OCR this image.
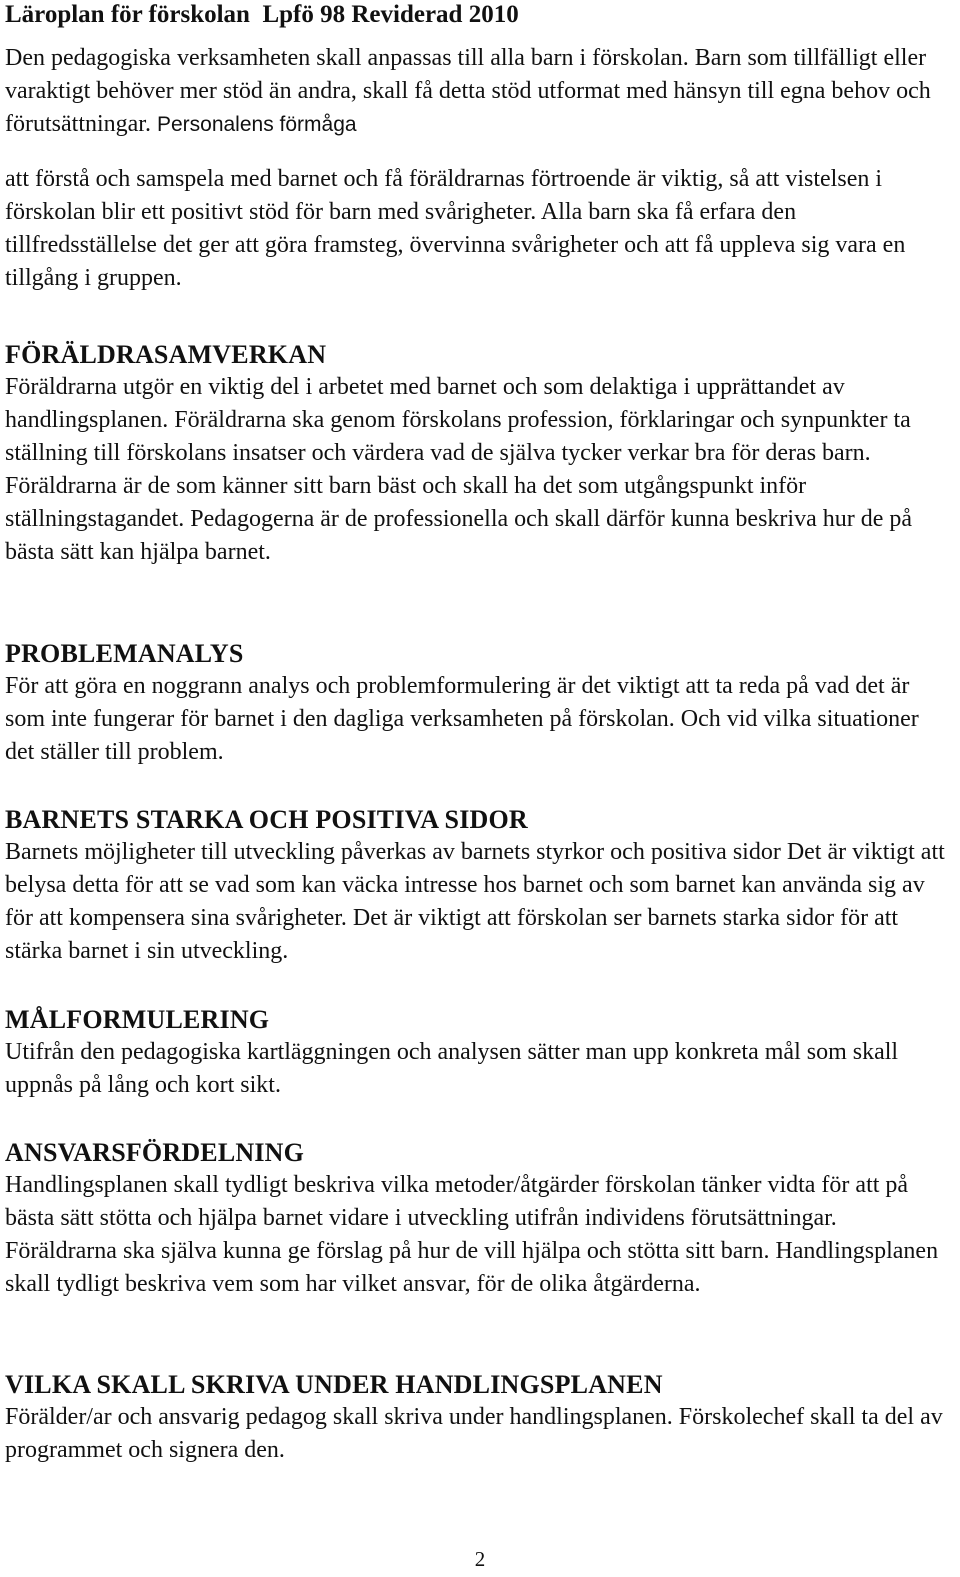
Läroplan för förskolan  Lpfö 98 Reviderad 2010

Den pedagogiska verksamheten skall anpassas till alla barn i förskolan. Barn som tillfälligt eller varaktigt behöver mer stöd än andra, skall få detta stöd utformat med hänsyn till egna behov och förutsättningar. Personalens förmåga

att förstå och samspela med barnet och få föräldrarnas förtroende är viktig, så att vistelsen i förskolan blir ett positivt stöd för barn med svårigheter. Alla barn ska få erfara den tillfredsställelse det ger att göra framsteg, övervinna svårigheter och att få uppleva sig vara en tillgång i gruppen.

FÖRÄLDRASAMVERKAN

Föräldrarna utgör en viktig del i arbetet med barnet och som delaktiga i upprättandet av handlingsplanen. Föräldrarna ska genom förskolans profession, förklaringar och synpunkter ta ställning till förskolans insatser och värdera vad de själva tycker verkar bra för deras barn. Föräldrarna är de som känner sitt barn bäst och skall ha det som utgångspunkt inför ställningstagandet. Pedagogerna är de professionella och skall därför kunna beskriva hur de på bästa sätt kan hjälpa barnet.

PROBLEMANALYS

För att göra en noggrann analys och problemformulering är det viktigt att ta reda på vad det är som inte fungerar för barnet i den dagliga verksamheten på förskolan. Och vid vilka situationer det ställer till problem.

BARNETS STARKA OCH POSITIVA SIDOR

Barnets möjligheter till utveckling påverkas av barnets styrkor och positiva sidor Det är viktigt att belysa detta för att se vad som kan väcka intresse hos barnet och som barnet kan använda sig av för att kompensera sina svårigheter. Det är viktigt att förskolan ser barnets starka sidor för att stärka barnet i sin utveckling.

MÅLFORMULERING

Utifrån den pedagogiska kartläggningen och analysen sätter man upp konkreta mål som skall uppnås på lång och kort sikt.

ANSVARSFÖRDELNING

Handlingsplanen skall tydligt beskriva vilka metoder/åtgärder förskolan tänker vidta för att på bästa sätt stötta och hjälpa barnet vidare i utveckling utifrån individens förutsättningar. Föräldrarna ska själva kunna ge förslag på hur de vill hjälpa och stötta sitt barn. Handlingsplanen skall tydligt beskriva vem som har vilket ansvar, för de olika åtgärderna.

VILKA SKALL SKRIVA UNDER HANDLINGSPLANEN

Förälder/ar och ansvarig pedagog skall skriva under handlingsplanen. Förskolechef skall ta del av programmet och signera den.

2
